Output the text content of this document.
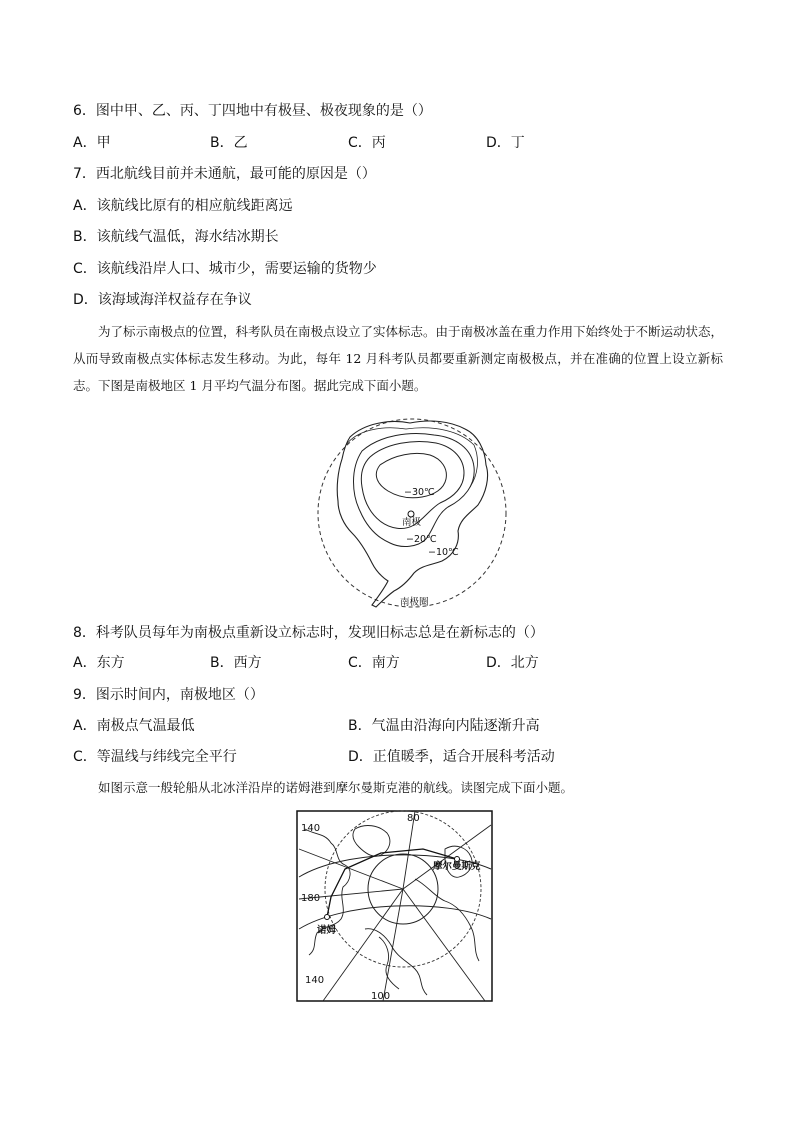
6．图中甲、乙、丙、丁四地中有极昼、极夜现象的是（）
A．甲	B．乙	C．丙	D．丁
7．西北航线目前并未通航，最可能的原因是（）
A．该航线比原有的相应航线距离远
B．该航线气温低，海水结冰期长
C．该航线沿岸人口、城市少，需要运输的货物少
D．该海域海洋权益存在争议
为了标示南极点的位置，科考队员在南极点设立了实体标志。由于南极冰盖在重力作用下始终处于不断运动状态，从而导致南极点实体标志发生移动。为此，每年 12 月科考队员都要重新测定南极极点，并在准确的位置上设立新标志。下图是南极地区 1 月平均气温分布图。据此完成下面小题。
−30℃
南极
−20℃
−10℃
南极圈
8．科考队员每年为南极点重新设立标志时，发现旧标志总是在新标志的（）
A．东方	B．西方	C．南方	D．北方
9．图示时间内，南极地区（）
A．南极点气温最低	B．气温由沿海向内陆逐渐升高
C．等温线与纬线完全平行	D．正值暖季，适合开展科考活动
如图示意一般轮船从北冰洋沿岸的诺姆港到摩尔曼斯克港的航线。读图完成下面小题。
80
140
180
140
100
摩尔曼斯克
诺姆
